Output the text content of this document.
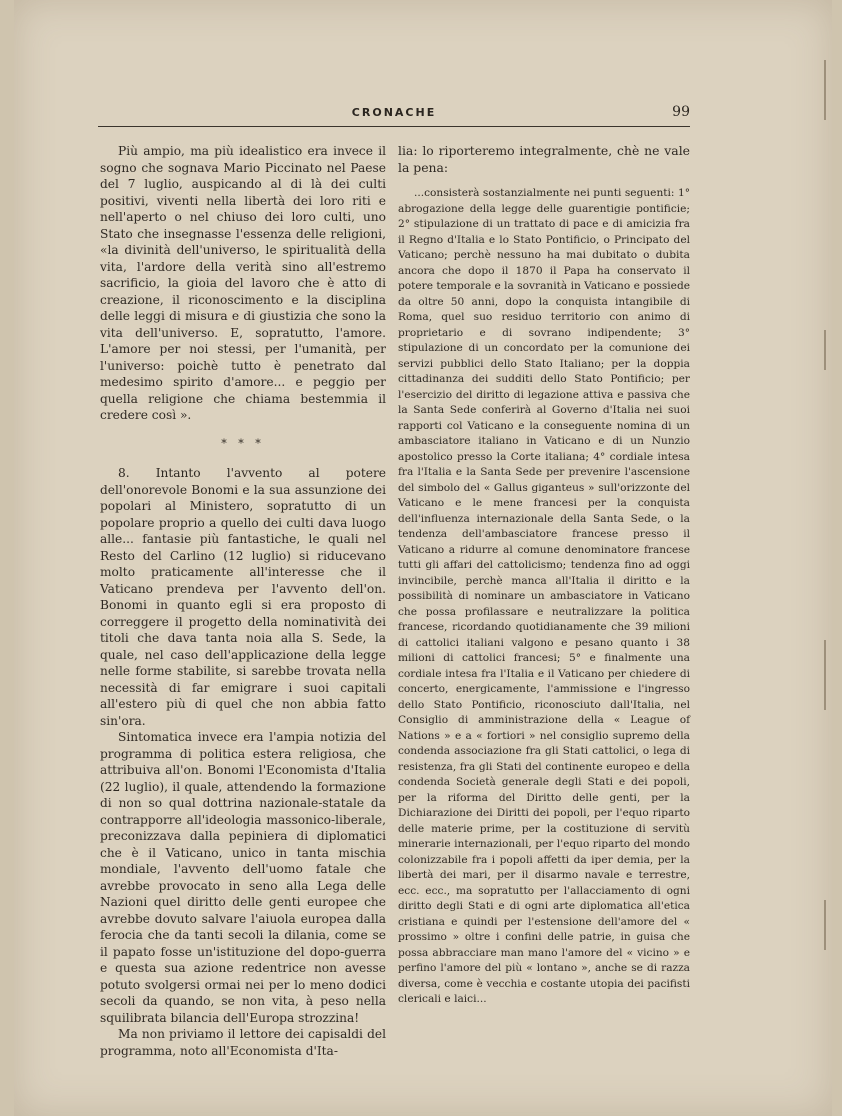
CRONACHE	99

Più ampio, ma più idealistico era invece il sogno che sognava Mario Piccinato nel Paese del 7 luglio, auspicando al di là dei culti positivi, viventi nella libertà dei loro riti e nell'aperto o nel chiuso dei loro culti, uno Stato che insegnasse l'essenza delle religioni, «la divinità dell'universo, le spiritualità della vita, l'ardore della verità sino all'estremo sacrificio, la gioia del lavoro che è atto di creazione, il riconoscimento e la disciplina delle leggi di misura e di giustizia che sono la vita dell'universo. E, sopratutto, l'amore. L'amore per noi stessi, per l'umanità, per l'universo: poichè tutto è penetrato dal medesimo spirito d'amore... e peggio per quella religione che chiama bestemmia il credere così ».

* * *

8. Intanto l'avvento al potere dell'onorevole Bonomi e la sua assunzione dei popolari al Ministero, sopratutto di un popolare proprio a quello dei culti dava luogo alle... fantasie più fantastiche, le quali nel Resto del Carlino (12 luglio) si riducevano molto praticamente all'interesse che il Vaticano prendeva per l'avvento dell'on. Bonomi in quanto egli si era proposto di correggere il progetto della nominatività dei titoli che dava tanta noia alla S. Sede, la quale, nel caso dell'applicazione della legge nelle forme stabilite, si sarebbe trovata nella necessità di far emigrare i suoi capitali all'estero più di quel che non abbia fatto sin'ora.

Sintomatica invece era l'ampia notizia del programma di politica estera religiosa, che attribuiva all'on. Bonomi l'Economista d'Italia (22 luglio), il quale, attendendo la formazione di non so qual dottrina nazionale-statale da contrapporre all'ideologia massonico-liberale, preconizzava dalla pepiniera di diplomatici che è il Vaticano, unico in tanta mischia mondiale, l'avvento dell'uomo fatale che avrebbe provocato in seno alla Lega delle Nazioni quel diritto delle genti europee che avrebbe dovuto salvare l'aiuola europea dalla ferocia che da tanti secoli la dilania, come se il papato fosse un'istituzione del dopo-guerra e questa sua azione redentrice non avesse potuto svolgersi ormai nei per lo meno dodici secoli da quando, se non vita, à peso nella squilibrata bilancia dell'Europa strozzina!

Ma non priviamo il lettore dei capisaldi del programma, noto all'Economista d'Ita-

lia: lo riporteremo integralmente, chè ne vale la pena:

...consisterà sostanzialmente nei punti seguenti: 1° abrogazione della legge delle guarentigie pontificie; 2° stipulazione di un trattato di pace e di amicizia fra il Regno d'Italia e lo Stato Pontificio, o Principato del Vaticano; perchè nessuno ha mai dubitato o dubita ancora che dopo il 1870 il Papa ha conservato il potere temporale e la sovranità in Vaticano e possiede da oltre 50 anni, dopo la conquista intangibile di Roma, quel suo residuo territorio con animo di proprietario e di sovrano indipendente; 3° stipulazione di un concordato per la comunione dei servizi pubblici dello Stato Italiano; per la doppia cittadinanza dei sudditi dello Stato Pontificio; per l'esercizio del diritto di legazione attiva e passiva che la Santa Sede conferirà al Governo d'Italia nei suoi rapporti col Vaticano e la conseguente nomina di un ambasciatore italiano in Vaticano e di un Nunzio apostolico presso la Corte italiana; 4° cordiale intesa fra l'Italia e la Santa Sede per prevenire l'ascensione del simbolo del « Gallus giganteus » sull'orizzonte del Vaticano e le mene francesi per la conquista dell'influenza internazionale della Santa Sede, o la tendenza dell'ambasciatore francese presso il Vaticano a ridurre al comune denominatore francese tutti gli affari del cattolicismo; tendenza fino ad oggi invincibile, perchè manca all'Italia il diritto e la possibilità di nominare un ambasciatore in Vaticano che possa profilassare e neutralizzare la politica francese, ricordando quotidianamente che 39 milioni di cattolici italiani valgono e pesano quanto i 38 milioni di cattolici francesi; 5° e finalmente una cordiale intesa fra l'Italia e il Vaticano per chiedere di concerto, energicamente, l'ammissione e l'ingresso dello Stato Pontificio, riconosciuto dall'Italia, nel Consiglio di amministrazione della « League of Nations » e a « fortiori » nel consiglio supremo della condenda associazione fra gli Stati cattolici, o lega di resistenza, fra gli Stati del continente europeo e della condenda Società generale degli Stati e dei popoli, per la riforma del Diritto delle genti, per la Dichiarazione dei Diritti dei popoli, per l'equo riparto delle materie prime, per la costituzione di servitù minerarie internazionali, per l'equo riparto del mondo colonizzabile fra i popoli affetti da iper demia, per la libertà dei mari, per il disarmo navale e terrestre, ecc. ecc., ma sopratutto per l'allacciamento di ogni diritto degli Stati e di ogni arte diplomatica all'etica cristiana e quindi per l'estensione dell'amore del « prossimo » oltre i confini delle patrie, in guisa che possa abbracciare man mano l'amore del « vicino » e perfino l'amore del più « lontano », anche se di razza diversa, come è vecchia e costante utopia dei pacifisti clericali e laici...
